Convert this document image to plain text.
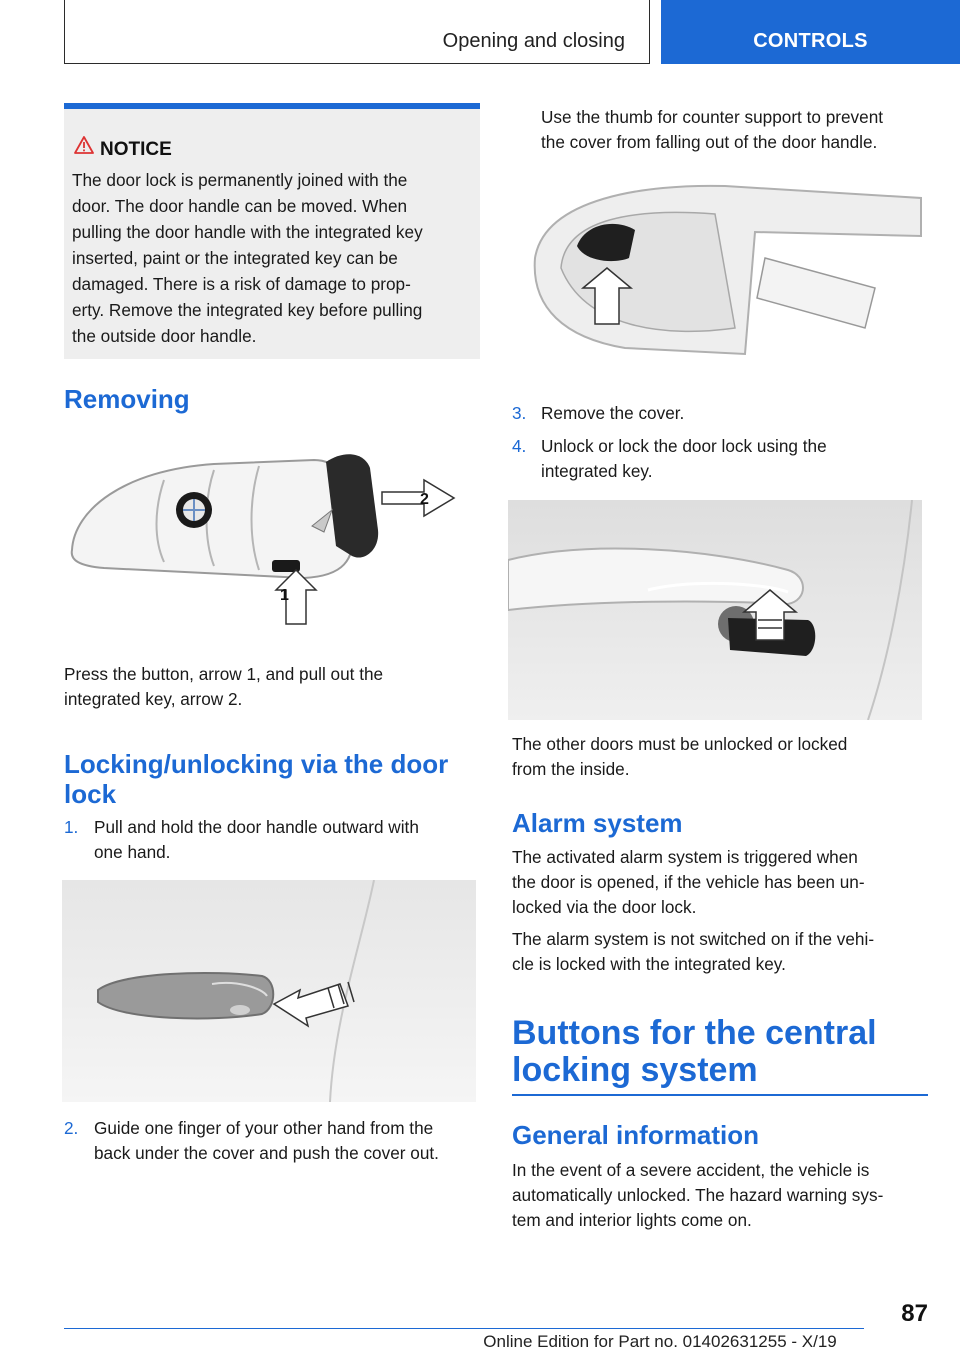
Opening and closing	CONTROLS
NOTICE

The door lock is permanently joined with the

door. The door handle can be moved. When

pulling the door handle with the integrated key

inserted, paint or the integrated key can be

damaged. There is a risk of damage to prop-

erty. Remove the integrated key before pulling

the outside door handle.

Removing
2
1
Press the button, arrow 1, and pull out the
integrated key, arrow 2.
Locking/unlocking via the door
lock
1. Pull and hold the door handle outward with
one hand.
2. Guide one finger of your other hand from the
back under the cover and push the cover out.
Use the thumb for counter support to prevent
the cover from falling out of the door handle.
3. Remove the cover.
4. Unlock or lock the door lock using the
integrated key.
The other doors must be unlocked or locked
from the inside.
Alarm system
The activated alarm system is triggered when
the door is opened, if the vehicle has been un-
locked via the door lock.
The alarm system is not switched on if the vehi-
cle is locked with the integrated key.
Buttons for the central
locking system
General information
In the event of a severe accident, the vehicle is
automatically unlocked. The hazard warning sys-
tem and interior lights come on.
87
Online Edition for Part no. 01402631255 - X/19
